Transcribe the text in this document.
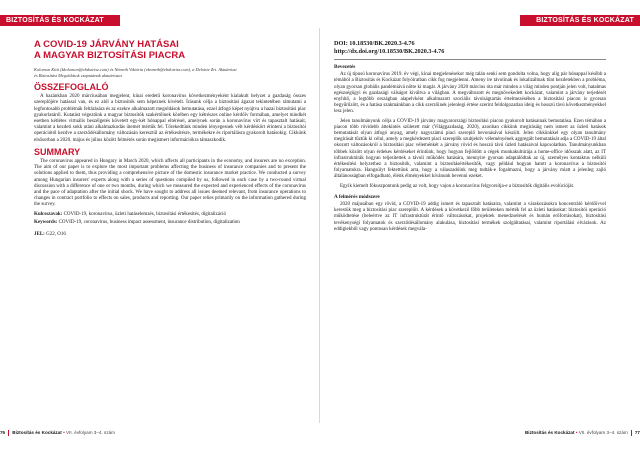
BIZTOSÍTÁS ÉS KOCKÁZAT	BIZTOSÍTÁS ÉS KOCKÁZAT
A COVID-19 JÁRVÁNY HATÁSAI
A MAGYAR BIZTOSÍTÁSI PIACRA
Kolomon Kitti (kkolomon@ebdotrisz.com) és Németh Viktória (vkemeth@ebdotrisz.com), a Deloitte Zrt. Aktuáriusi
és Biztosítási Megoldások csapatának aktuáriusai
ÖSSZEFOGLALÓ

A hazánkban 2020 márciusában megjelent, kínai eredetű koronavírus következményeként kialakult helyzet a gazdaság összes szereplőjére hatással van, és ez alól a biztosítók sem képeznek kivételt. Írásunk célja a biztosítási ágazat tekintetében rámutatni a legfontosabb problémák feltárására és az ezekre alkalmazott megoldások bemutatása, ezzel átfogó képet nyújtva a hazai biztosítási piac gyakorlatáról. Kutatást végeztünk a magyar biztosítók szakértőinek körében egy kétrészes online kérdőív formában, amelyet mindkét esetben kétlétes virtuális beszélgetés követett egy-két hónappal eltérésel, amelynek során a koronavírus vírt és tapasztalt hatásait, valamint a kezdeti sokk utáni alkalmazkodás ütemét mértük fel. Törekedtünk minden lényegesnek vélt kérdéskört érinteni a biztosítói operációtól kezdve a szerződésállomány változásán keresztül az értékesítésre, termékekre és riportálásra gyakorolt hatásokig. Cikkünk elsősorban a 2020. május és július között felmérés során megismert információkra támaszkodik.

SUMMARY

The coronavirus appeared in Hungary in March 2020, which affects all participants in the economy, and insurers are no exception. The aim of our paper is to explore the most important problems affecting the business of insurance companies and to present the solutions applied to them, thus providing a comprehensive picture of the domestic insurance market practice. We conducted a survey among Hungarian insurers' experts along with a series of questions compiled by us, followed in each case by a two-round virtual discussion with a difference of one or two months, during which we measured the expected and experienced effects of the coronavirus and the pace of adaptation after the initial shock. We have sought to address all issues deemed relevant, from insurance operations to changes in contract portfolio to effects on sales, products and reporting. Our paper relies primarily on the information gathered during the survey.

Kulcsszavak: COVID-19, koronavírus, üzleti hatáselemzés, biztosítási értékesítés, digitalizáció
Keywords: COVID-19, coronavirus, business impact assessment, insurance distribution, digitalization
JEL: G22, O16
DOI: 10.18530/BK.2020.3-4.76
http://dx.doi.org/10.18530/BK.2020.3-4.76
Bevezetés

Az új típusú koronavírus 2019. év végi, kínai megjelenésekor még talán senki sem gondolta volna, hogy alig pár hónappal később a témából a Biztosítás és Kockázat folyóiratban cikk fog megjelenni. Ameny ire távolinak és lokalizáltnak tűnt kezdetekben a probléma, olyan gyorsan globális pandémiává nőtte ki magát. A járvány 2020 március óta már minden a világ minden pontján jelen volt, hatalmas egészségügyi és gazdasági válságot kiváltva a világban. A megváltozott és megnövekedett kockázat, valamint a járvány terjedését enyhítő, a legtöbb országban alapelvként alkalmazott szociális távolságtartás értelmezésében a biztosítási piacon is gyorsan begyűrűzött, és a hatása szakmánkban a cikk szerzőinek jelenlegi értése szerint feldolgozatlan ideig és hosszú távú következményekkel lesz jelen.

Jelen tanulmányunk célja a COVID-19 járvány magyarországi biztosítási piacon gyakorolt hatásainak bemutatása. Ezen témában a piacon több rövidebb áttekintés született már (Világgazdaság, 2020), azonban cikkünk megírásáig nem ismert az üzleti hatások bemutatását olyan átfogó anyag, amely nagyszámú piaci szereplő bevonásával készült. Jelen cikkünkkel egy olyan tanulmány megírását tűztük ki célul, amely a megkérdezett piaci szereplők szubjektív véleményének aggregált bemutatását adja a COVID-19 által okozott változásokról a biztosítási piac véleménkét a járvány rövid és hosszú távú üzleti hatásaival kapcsolatban. Tanulmányunkban többek között olyan érdekes kérdéseket érintünk, hogy hogyan fejlődött a cégek munkakultúrája a home-office idősszak alatt, az IT infrastruktúrák hogyan teljesítettek a távoli működés hatására, mennyire gyorsan adaptálódtak az új, személyes kontaktus nélküli értékesítési helyzethez a biztosítók, valamint a biztosításértékesítők, vagy például hogyan hatott a koronavírus a biztosítói folyamatokra. Hangsúlyt fektettünk arra, hogy a válaszadóink meg tudták-e fogalmazni, hogy a járvány miatt a jelenleg zajló általánosságban elfogadható, élénk élményekkel kívánunk bevenni ezeket.

Egyik kiemelt fókuszpontunk pedig az volt, hogy vajon a koronavírus felgyorsítja-e a biztosítók digitális evolúcióját.

A felmérés módszere

2020 májusában egy rövid, a COVID-19 addig ismert és tapasztalt hatásaira, valamint a várakozásokra koncentráló kérdőívvel kerestük meg a biztosítási piac szereplőit. A kérdések a következő főbb területeken mérték fel az üzleti hatásokat: biztosítói operáció működtetése (beleértve az IT infrastruktúrát érintő változásokat, projektek menedzselését és humán erőforrásokat), biztosítási tevékenységi folyamatok és szerződésállomány alakulása, biztosítási termékek szolgáltatásai, valamint riportálási elvárások. Az eddigiekből vagy pontosan kérdések megvála-

76 Biztosítás és Kockázat • VII. évfolyam 3–4. szám	Biztosítás és Kockázat • VII. évfolyam 3–4. szám 77
